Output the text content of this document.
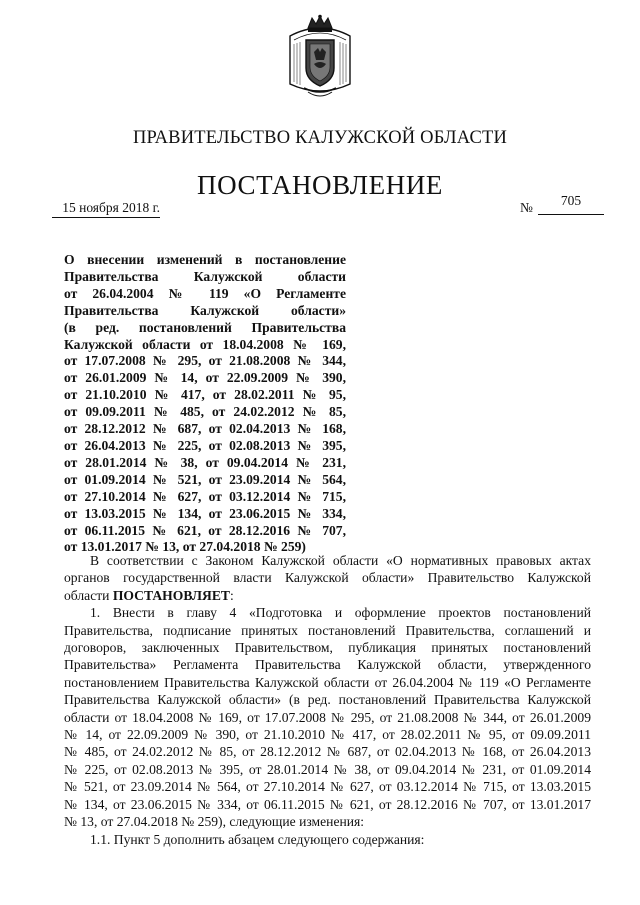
ПРАВИТЕЛЬСТВО КАЛУЖСКОЙ ОБЛАСТИ
ПОСТАНОВЛЕНИЕ
15 ноября 2018 г.	№	705
О внесении изменений в постановление
Правительства Калужской области
от 26.04.2004 № 119 «О Регламенте
Правительства Калужской области»
(в ред. постановлений Правительства
Калужской области от 18.04.2008 № 169,
от 17.07.2008 № 295, от 21.08.2008 № 344,
от 26.01.2009 № 14, от 22.09.2009 № 390,
от 21.10.2010 № 417, от 28.02.2011 № 95,
от 09.09.2011 № 485, от 24.02.2012 № 85,
от 28.12.2012 № 687, от 02.04.2013 № 168,
от 26.04.2013 № 225, от 02.08.2013 № 395,
от 28.01.2014 № 38, от 09.04.2014 № 231,
от 01.09.2014 № 521, от 23.09.2014 № 564,
от 27.10.2014 № 627, от 03.12.2014 № 715,
от 13.03.2015 № 134, от 23.06.2015 № 334,
от 06.11.2015 № 621, от 28.12.2016 № 707,
от 13.01.2017 № 13, от 27.04.2018 № 259)

В соответствии с Законом Калужской области «О нормативных правовых актах
органов государственной власти Калужской области» Правительство Калужской
области ПОСТАНОВЛЯЕТ:

1. Внести в главу 4 «Подготовка и оформление проектов постановлений
Правительства, подписание принятых постановлений Правительства, соглашений и
договоров, заключенных Правительством, публикация принятых постановлений
Правительства» Регламента Правительства Калужской области, утвержденного
постановлением Правительства Калужской области от 26.04.2004 № 119 «О Регламенте
Правительства Калужской области» (в ред. постановлений Правительства Калужской
области от 18.04.2008 № 169, от 17.07.2008 № 295, от 21.08.2008 № 344, от 26.01.2009
№ 14, от 22.09.2009 № 390, от 21.10.2010 № 417, от 28.02.2011 № 95, от 09.09.2011
№ 485, от 24.02.2012 № 85, от 28.12.2012 № 687, от 02.04.2013 № 168, от 26.04.2013
№ 225, от 02.08.2013 № 395, от 28.01.2014 № 38, от 09.04.2014 № 231, от 01.09.2014
№ 521, от 23.09.2014 № 564, от 27.10.2014 № 627, от 03.12.2014 № 715, от 13.03.2015
№ 134, от 23.06.2015 № 334, от 06.11.2015 № 621, от 28.12.2016 № 707, от 13.01.2017
№ 13, от 27.04.2018 № 259), следующие изменения:

1.1. Пункт 5 дополнить абзацем следующего содержания:
